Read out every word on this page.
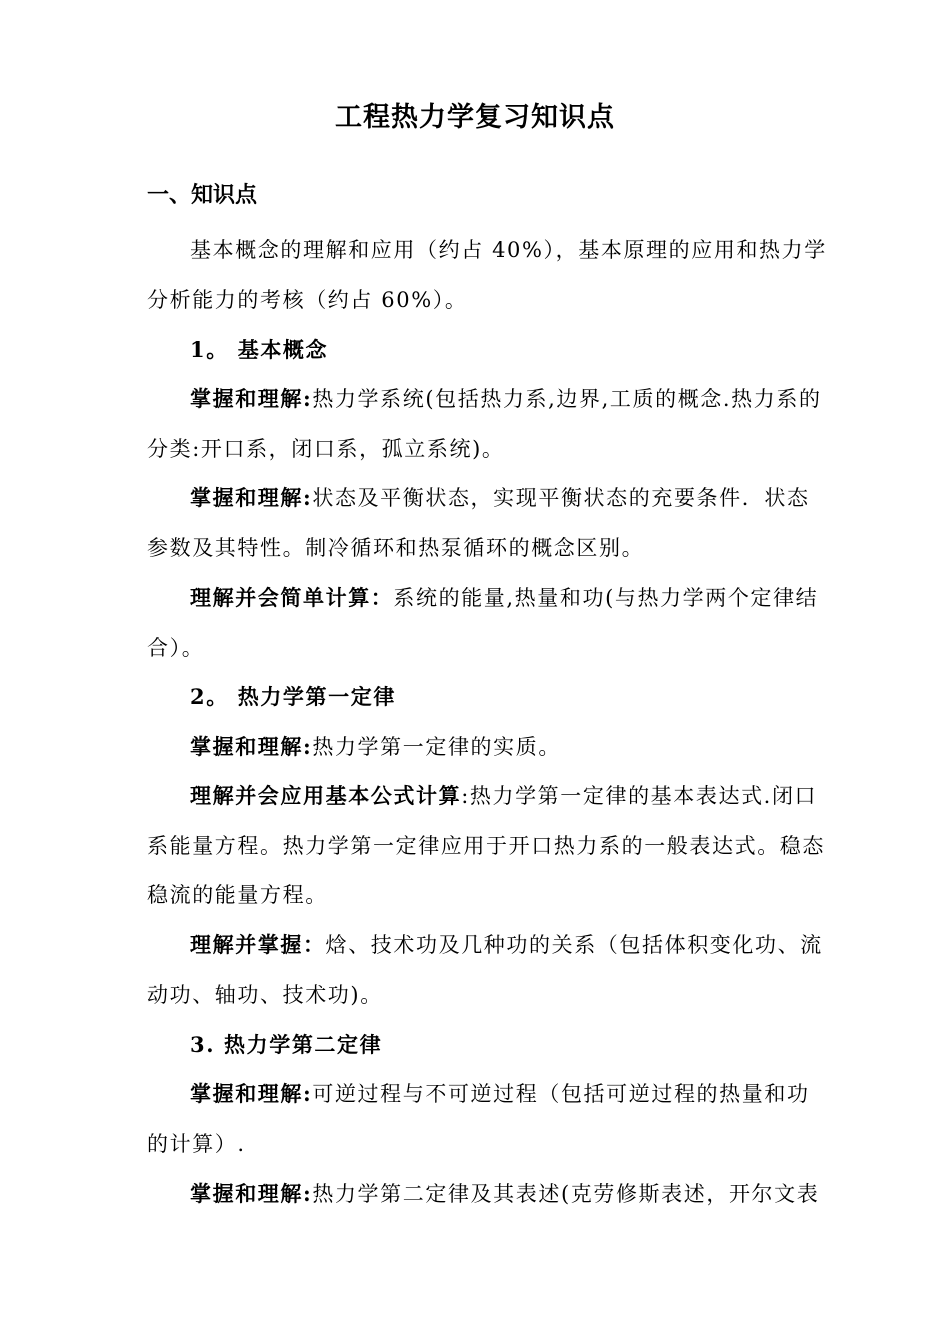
工程热力学复习知识点
一、知识点
基本概念的理解和应用（约占 40%），基本原理的应用和热力学
分析能力的考核（约占 60%）。
1。 基本概念
掌握和理解:热力学系统(包括热力系,边界,工质的概念.热力系的
分类:开口系，闭口系，孤立系统)。
掌握和理解:状态及平衡状态，实现平衡状态的充要条件．状态
参数及其特性。制冷循环和热泵循环的概念区别。
理解并会简单计算：系统的能量,热量和功(与热力学两个定律结
合）。
2。 热力学第一定律
掌握和理解:热力学第一定律的实质。
理解并会应用基本公式计算:热力学第一定律的基本表达式.闭口
系能量方程。热力学第一定律应用于开口热力系的一般表达式。稳态
稳流的能量方程。
理解并掌握：焓、技术功及几种功的关系（包括体积变化功、流
动功、轴功、技术功)。
3. 热力学第二定律
掌握和理解:可逆过程与不可逆过程（包括可逆过程的热量和功
的计算）.
掌握和理解:热力学第二定律及其表述(克劳修斯表述，开尔文表
